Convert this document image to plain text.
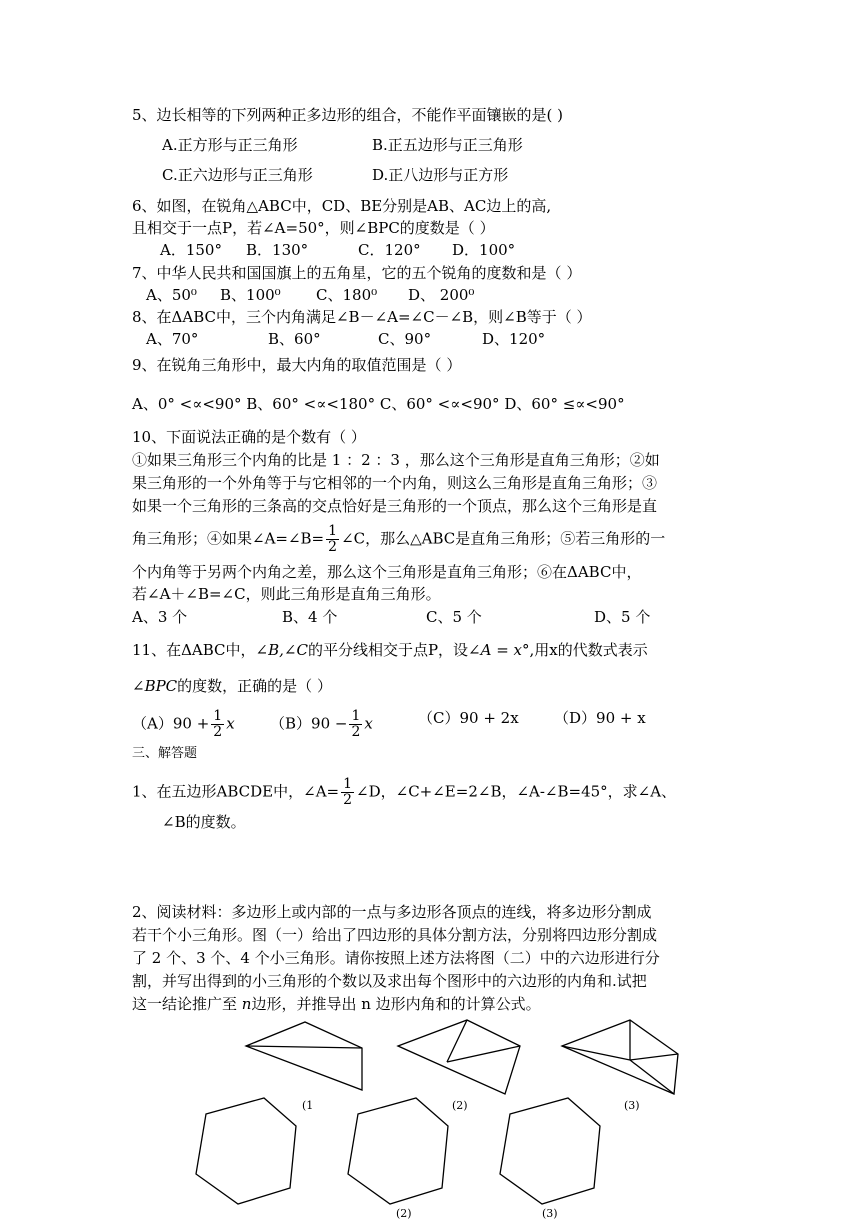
5、边长相等的下列两种正多边形的组合，不能作平面镶嵌的是( )
A.正方形与正三角形	B.正五边形与正三角形
C.正六边形与正三角形	D.正八边形与正方形
6、如图，在锐角△ABC中，CD、BE分别是AB、AC边上的高,
且相交于一点P，若∠A=50°，则∠BPC的度数是（ ）
A．150° B．130°	C．120° D．100°
7、中华人民共和国国旗上的五角星，它的五个锐角的度数和是（ ）
A、50⁰ B、100⁰ C、180⁰ D、 200⁰
8、在ΔABC中，三个内角满足∠B－∠A=∠C－∠B，则∠B等于（ ）
A、70°	B、60°	C、90°	D、120°
9、在锐角三角形中，最大内角的取值范围是（ ）
A、0° <∝<90° B、60° <∝<180° C、60° <∝<90° D、60° ≤∝<90°
10、下面说法正确的是个数有（ ）
①如果三角形三个内角的比是 1 ：2 ：3 ，那么这个三角形是直角三角形；②如
果三角形的一个外角等于与它相邻的一个内角，则这么三角形是直角三角形；③
如果一个三角形的三条高的交点恰好是三角形的一个顶点，那么这个三角形是直
角三角形；④如果∠A=∠B= $\frac{1}{2}$ ∠C，那么△ABC是直角三角形；⑤若三角形的一
个内角等于另两个内角之差，那么这个三角形是直角三角形；⑥在ΔABC中，
若∠A＋∠B=∠C，则此三角形是直角三角形。
A、3 个	B、4 个	C、5 个	D、5 个
11、在ΔABC中，∠B,∠C的平分线相交于点P，设∠A = x°,用x的代数式表示
∠BPC的度数，正确的是（ ）
$(A)90 + \frac{1}{2}$ x $(B)90 - \frac{1}{2}$ x	（C）90 + 2x （D）90 + x
三、解答题
1、在五边形ABCDE中，∠A= $\frac{1}{2}$ ∠D，∠C+∠E=2∠B，∠A-∠B=45°，求∠A、
∠B的度数。
2、阅读材料：多边形上或内部的一点与多边形各顶点的连线，将多边形分割成
若干个小三角形。图（一）给出了四边形的具体分割方法，分别将四边形分割成
了 2 个、3 个、4 个小三角形。请你按照上述方法将图（二）中的六边形进行分
割，并写出得到的小三角形的个数以及求出每个图形中的六边形的内角和.试把
这一结论推广至 n边形，并推导出 n 边形内角和的计算公式。
(1	(2)	(3)
(2)	(3)
